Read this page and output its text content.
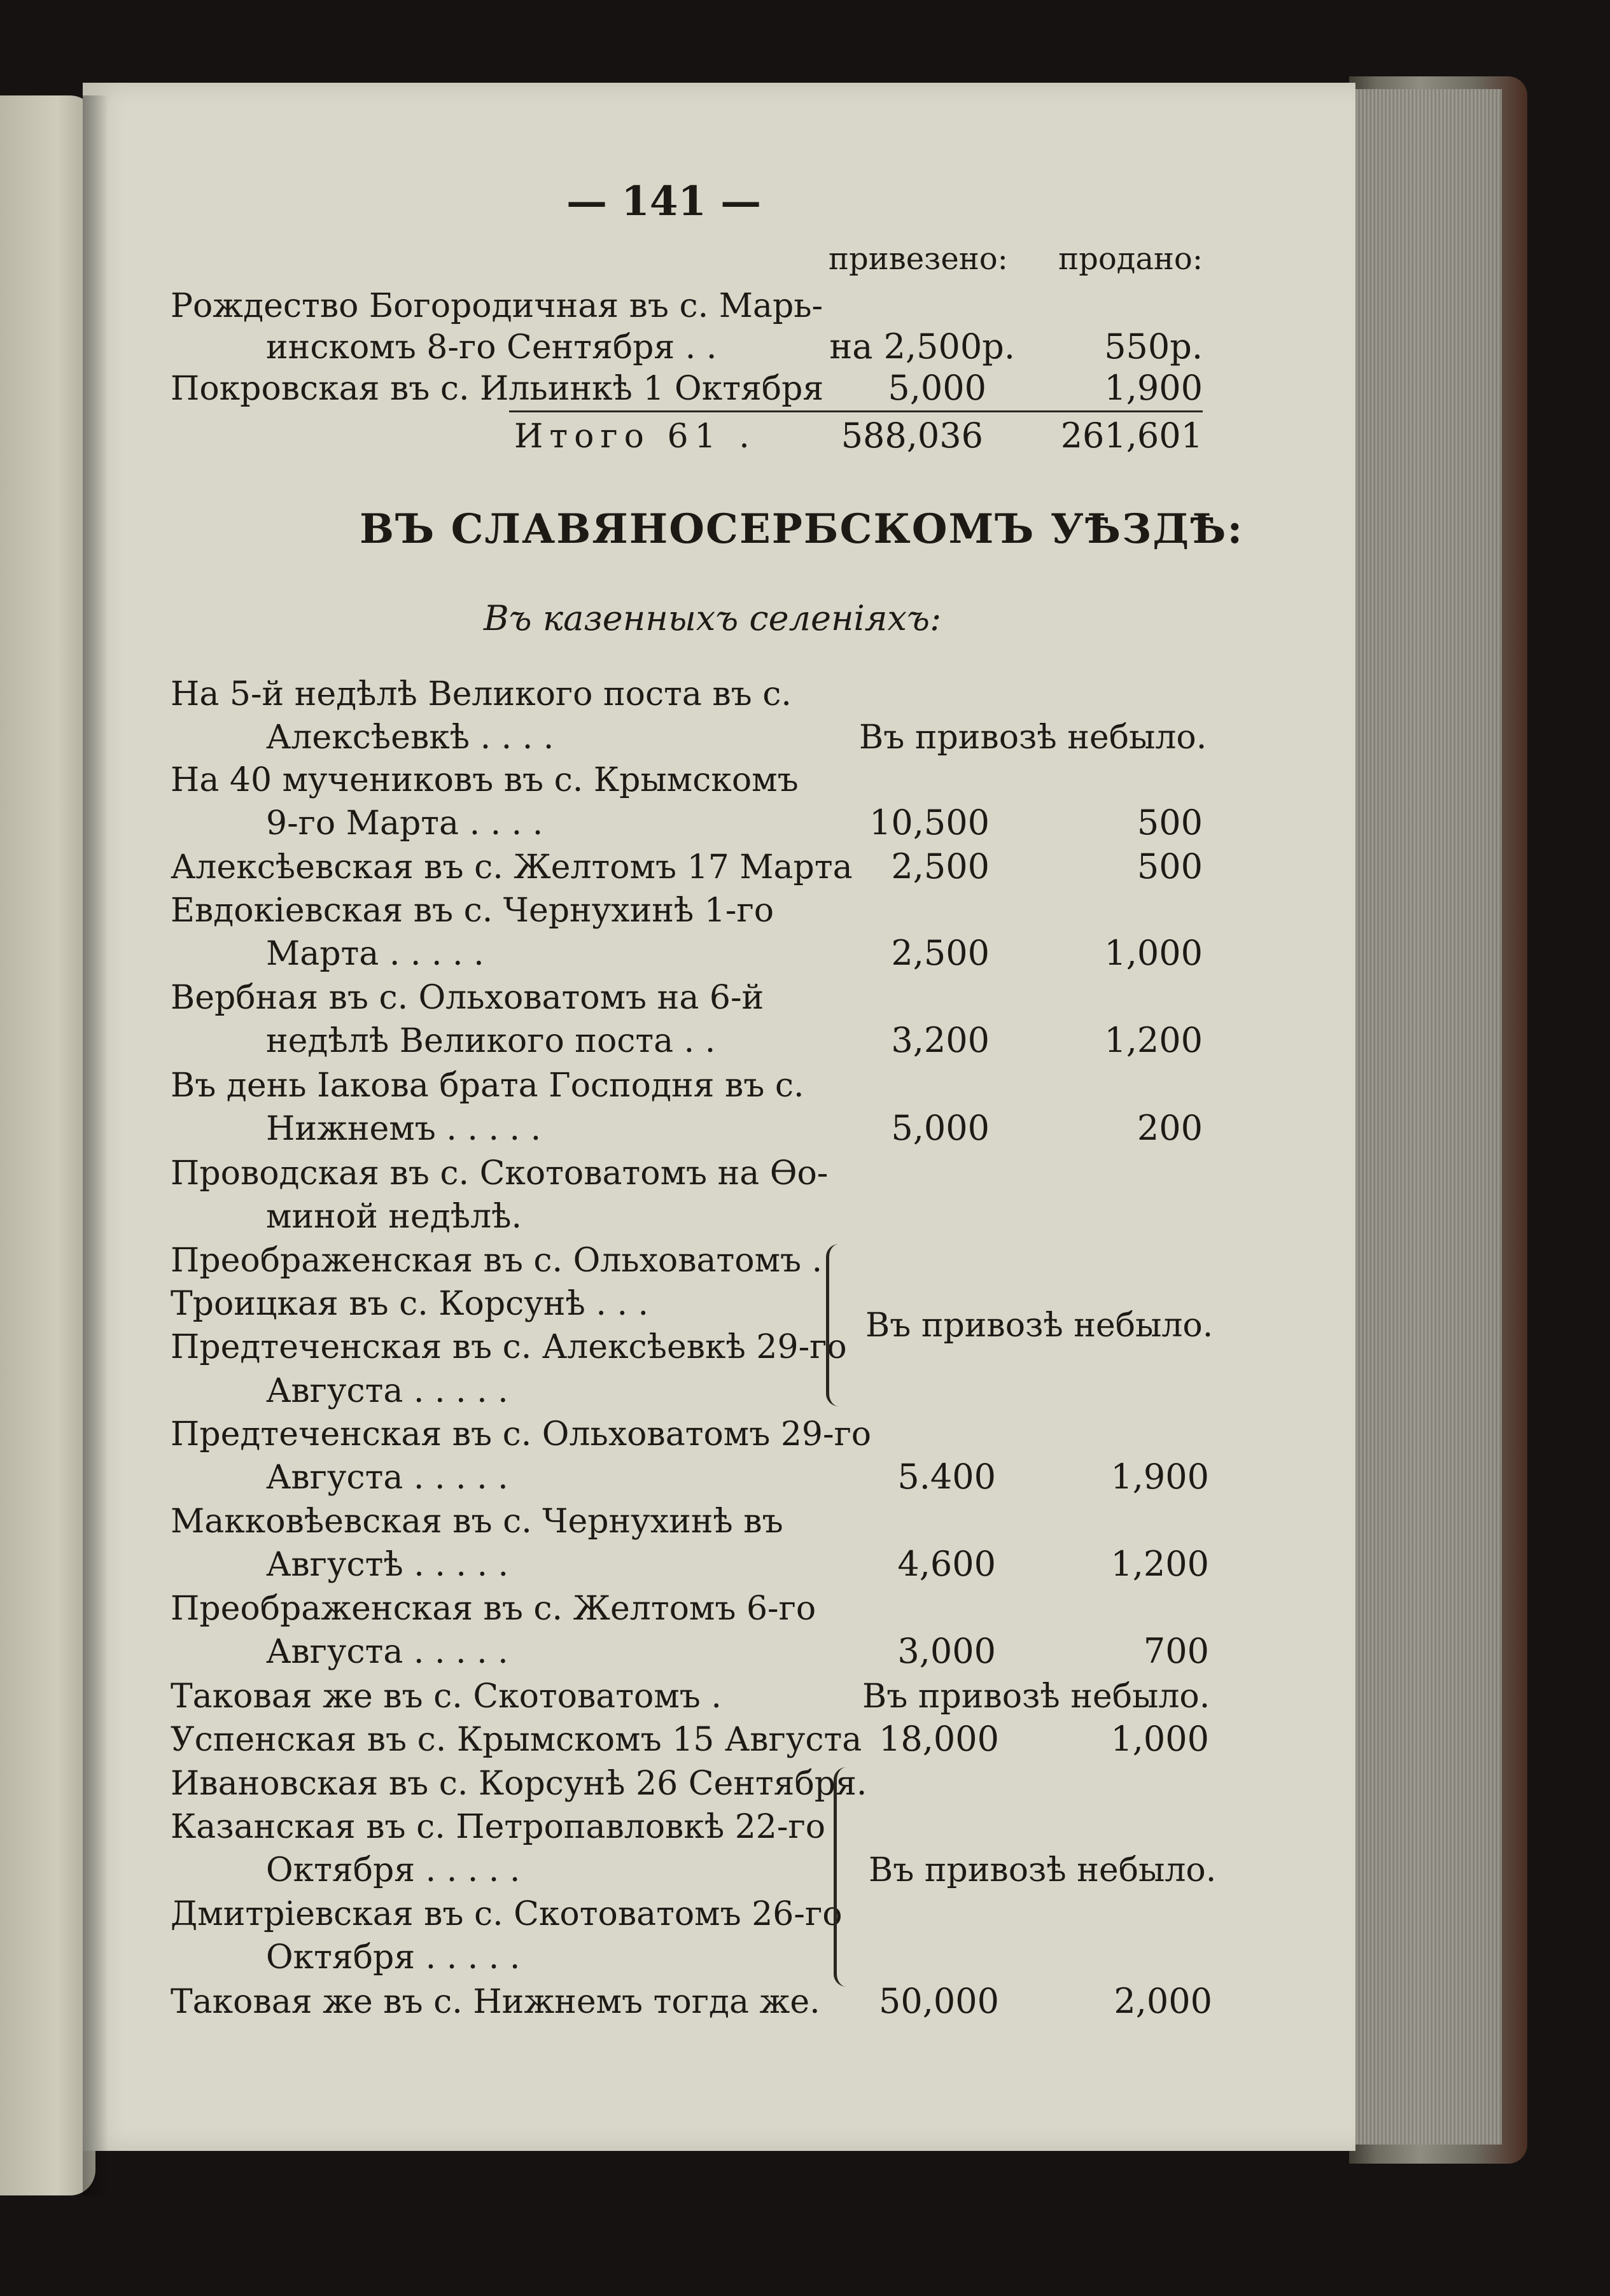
— 141 —
привезено: продано:
Рождество Богородичная въ с. Марь-
инскомъ 8-го Сентября . .	на 2,500р.	550р.
Покровская въ с. Ильинкѣ 1 Октября 5,000	1,900
Итого 61 . 588,036 261,601
ВЪ СЛАВЯНОСЕРБСКОМЪ УѢЗДѢ:
Въ казенныхъ селеніяхъ:
На 5-й недѣлѣ Великого поста въ с.
Алексѣевкѣ . . . .	Въ привозѣ небыло.
На 40 мучениковъ въ с. Крымскомъ
9-го Марта . . . .	10,500	500
Алексѣевская въ с. Желтомъ 17 Марта 2,500	500
Евдокіевская въ с. Чернухинѣ 1-го
Марта . . . . .	2,500	1,000
Вербная въ с. Ольховатомъ на 6-й
недѣлѣ Великого поста . .	3,200	1,200
Въ день Іакова брата Господня въ с.
Нижнемъ . . . . .	5,000	200
Проводская въ с. Скотоватомъ на Ѳо-
миной недѣлѣ.
Преображенская въ с. Ольховатомъ .
Троицкая въ с. Корсунѣ . . .
Предтеченская въ с. Алексѣевкѣ 29-го
Августа . . . . .
Въ привозѣ небыло.
Предтеченская въ с. Ольховатомъ 29-го
Августа . . . . .	5.400	1,900
Макковѣевская въ с. Чернухинѣ въ
Августѣ . . . . .	4,600	1,200
Преображенская въ с. Желтомъ 6-го
Августа . . . . .	3,000	700
Таковая же въ с. Скотоватомъ .	Въ привозѣ небыло.
Успенская въ с. Крымскомъ 15 Августа 18,000	1,000
Ивановская въ с. Корсунѣ 26 Сентября.
Казанская въ с. Петропавловкѣ 22-го
Октября . . . . .
Дмитріевская въ с. Скотоватомъ 26-го
Октября . . . . .
Въ привозѣ небыло.
Таковая же въ с. Нижнемъ тогда же. 50,000	2,000
